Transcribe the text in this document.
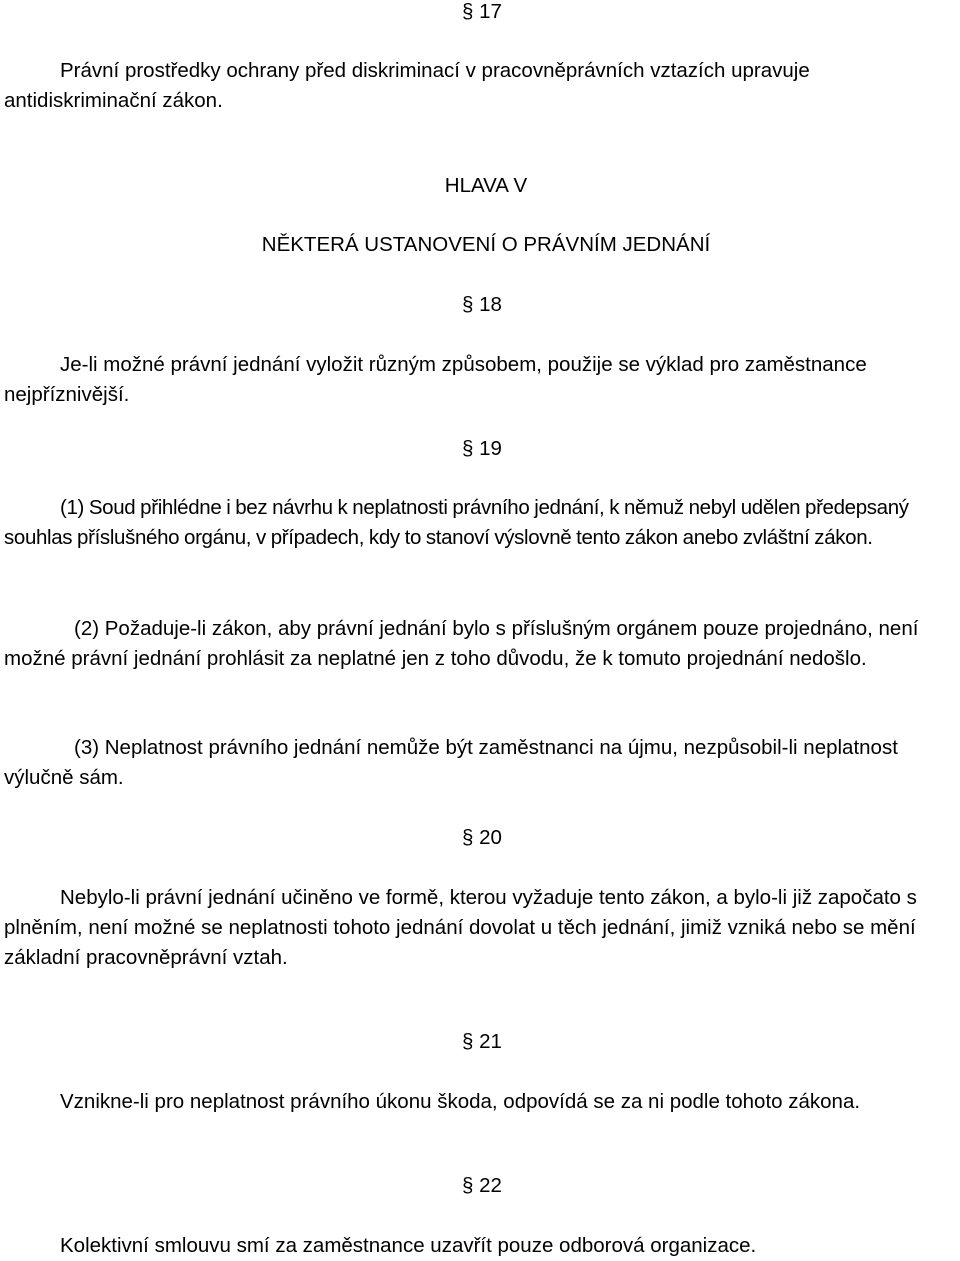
§ 17

Právní prostředky ochrany před diskriminací v pracovněprávních vztazích upravuje antidiskriminační zákon.

HLAVA V
NĚKTERÁ USTANOVENÍ O PRÁVNÍM JEDNÁNÍ
§ 18

Je-li možné právní jednání vyložit různým způsobem, použije se výklad pro zaměstnance nejpříznivější.

§ 19

(1) Soud přihlédne i bez návrhu k neplatnosti právního jednání, k němuž nebyl udělen předepsaný souhlas příslušného orgánu, v případech, kdy to stanoví výslovně tento zákon anebo zvláštní zákon.

(2) Požaduje-li zákon, aby právní jednání bylo s příslušným orgánem pouze projednáno, není možné právní jednání prohlásit za neplatné jen z toho důvodu, že k tomuto projednání nedošlo.

(3) Neplatnost právního jednání nemůže být zaměstnanci na újmu, nezpůsobil-li neplatnost výlučně sám.

§ 20

Nebylo-li právní jednání učiněno ve formě, kterou vyžaduje tento zákon, a bylo-li již započato s plněním, není možné se neplatnosti tohoto jednání dovolat u těch jednání, jimiž vzniká nebo se mění základní pracovněprávní vztah.

§ 21

Vznikne-li pro neplatnost právního úkonu škoda, odpovídá se za ni podle tohoto zákona.

§ 22

Kolektivní smlouvu smí za zaměstnance uzavřít pouze odborová organizace.
